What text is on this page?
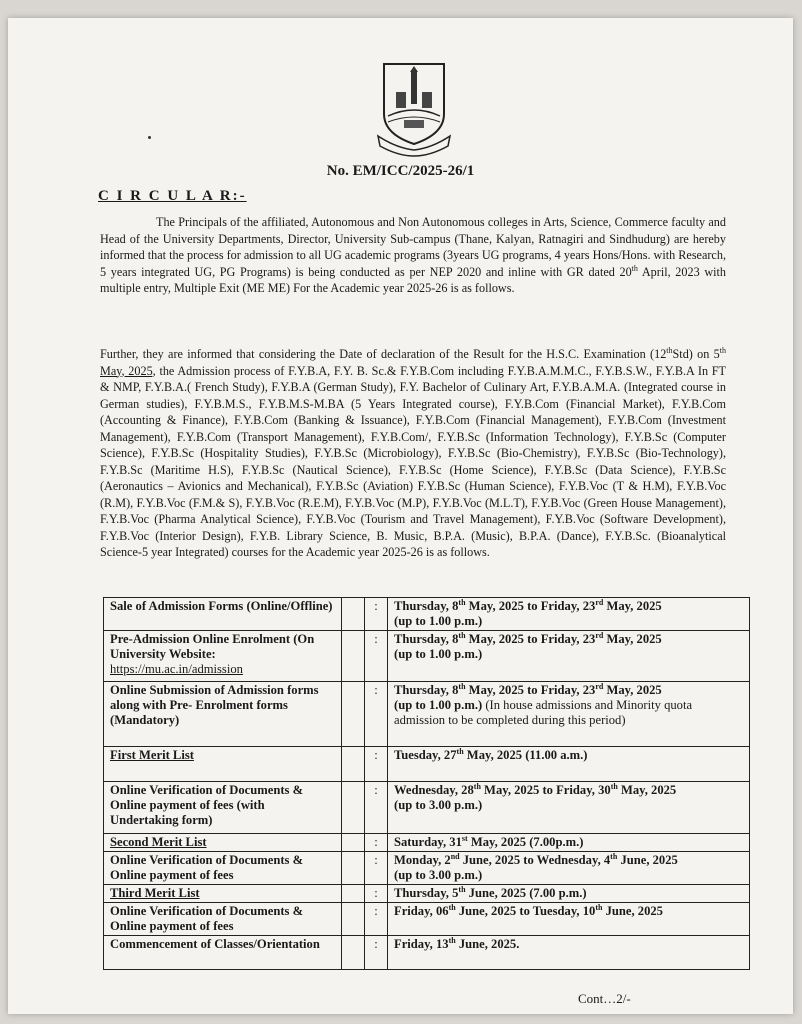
No. EM/ICC/2025-26/1
C I R C U L A R:-
The Principals of the affiliated, Autonomous and Non Autonomous colleges in Arts, Science, Commerce faculty and Head of the University Departments, Director, University Sub-campus (Thane, Kalyan, Ratnagiri and Sindhudurg) are hereby informed that the process for admission to all UG academic programs (3years UG programs, 4 years Hons/Hons. with Research, 5 years integrated UG, PG Programs) is being conducted as per NEP 2020 and inline with GR dated 20th April, 2023 with multiple entry, Multiple Exit (ME ME) For the Academic year 2025-26 is as follows.
Further, they are informed that considering the Date of declaration of the Result for the H.S.C. Examination (12thStd) on 5th May, 2025, the Admission process of F.Y.B.A, F.Y. B. Sc.& F.Y.B.Com including F.Y.B.A.M.M.C., F.Y.B.S.W., F.Y.B.A In FT & NMP, F.Y.B.A.( French Study), F.Y.B.A (German Study), F.Y. Bachelor of Culinary Art, F.Y.B.A.M.A. (Integrated course in German studies), F.Y.B.M.S., F.Y.B.M.S-M.BA (5 Years Integrated course), F.Y.B.Com (Financial Market), F.Y.B.Com (Accounting & Finance), F.Y.B.Com (Banking & Issuance), F.Y.B.Com (Financial Management), F.Y.B.Com (Investment Management), F.Y.B.Com (Transport Management), F.Y.B.Com/, F.Y.B.Sc (Information Technology), F.Y.B.Sc (Computer Science), F.Y.B.Sc (Hospitality Studies), F.Y.B.Sc (Microbiology), F.Y.B.Sc (Bio-Chemistry), F.Y.B.Sc (Bio-Technology), F.Y.B.Sc (Maritime H.S), F.Y.B.Sc (Nautical Science), F.Y.B.Sc (Home Science), F.Y.B.Sc (Data Science), F.Y.B.Sc (Aeronautics – Avionics and Mechanical), F.Y.B.Sc (Aviation) F.Y.B.Sc (Human Science), F.Y.B.Voc (T & H.M), F.Y.B.Voc (R.M), F.Y.B.Voc (F.M.& S), F.Y.B.Voc (R.E.M), F.Y.B.Voc (M.P), F.Y.B.Voc (M.L.T), F.Y.B.Voc (Green House Management), F.Y.B.Voc (Pharma Analytical Science), F.Y.B.Voc (Tourism and Travel Management), F.Y.B.Voc (Software Development), F.Y.B.Voc (Interior Design), F.Y.B. Library Science, B. Music, B.P.A. (Music), B.P.A. (Dance), F.Y.B.Sc. (Bioanalytical Science-5 year Integrated) courses for the Academic year 2025-26 is as follows.
Sale of Admission Forms (Online/Offline)		:	Thursday, 8th May, 2025 to Friday, 23rd May, 2025
(up to 1.00 p.m.)
Pre-Admission Online Enrolment (On University Website:
https://mu.ac.in/admission		:	Thursday, 8th May, 2025 to Friday, 23rd May, 2025
(up to 1.00 p.m.)
Online Submission of Admission forms along with Pre- Enrolment forms (Mandatory)		:	Thursday, 8th May, 2025 to Friday, 23rd May, 2025
(up to 1.00 p.m.) (In house admissions and Minority quota admission to be completed during this period)
First Merit List		:	Tuesday, 27th May, 2025 (11.00 a.m.)
Online Verification of Documents & Online payment of fees (with Undertaking form)		:	Wednesday, 28th May, 2025 to Friday, 30th May, 2025
(up to 3.00 p.m.)
Second Merit List		:	Saturday, 31st May, 2025 (7.00p.m.)
Online Verification of Documents & Online payment of fees		:	Monday, 2nd June, 2025 to Wednesday, 4th June, 2025
(up to 3.00 p.m.)
Third Merit List		:	Thursday, 5th June, 2025 (7.00 p.m.)
Online Verification of Documents & Online payment of fees		:	Friday, 06th June, 2025 to Tuesday, 10th June, 2025
Commencement of Classes/Orientation		:	Friday, 13th June, 2025.
Cont…2/-
